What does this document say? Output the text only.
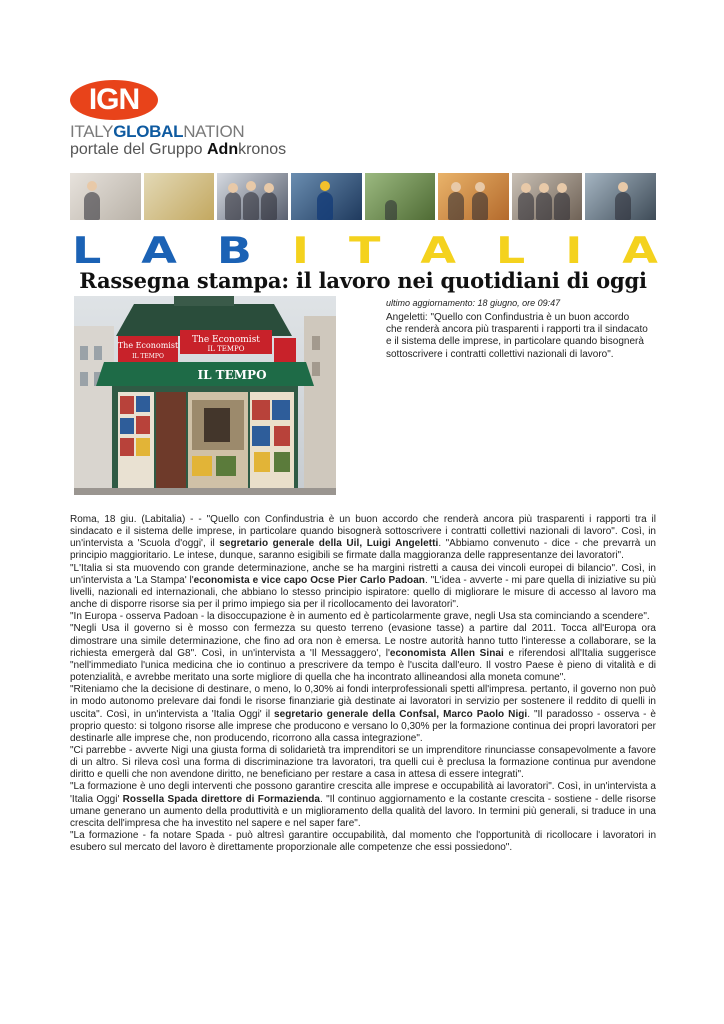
IGN
ITALYGLOBALNATION
portale del Gruppo Adnkronos
L A B I T A L I A
Rassegna stampa: il lavoro nei quotidiani di oggi
The Economist
IL TEMPO
The Economist
IL TEMPO
IL TEMPO
ultimo aggiornamento: 18 giugno, ore 09:47
Angeletti: "Quello con Confindustria è un buon accordo che renderà ancora più trasparenti i rapporti tra il sindacato e il sistema delle imprese, in particolare quando bisognerà sottoscrivere i contratti collettivi nazionali di lavoro".

Roma, 18 giu. (Labitalia) - - "Quello con Confindustria è un buon accordo che renderà ancora più trasparenti i rapporti tra il sindacato e il sistema delle imprese, in particolare quando bisognerà sottoscrivere i contratti collettivi nazionali di lavoro". Così, in un'intervista a 'Scuola d'oggi', il segretario generale della Uil, Luigi Angeletti. "Abbiamo convenuto - dice - che prevarrà un principio maggioritario. Le intese, dunque, saranno esigibili se firmate dalla maggioranza delle rappresentanze dei lavoratori".

"L'Italia si sta muovendo con grande determinazione, anche se ha margini ristretti a causa dei vincoli europei di bilancio". Così, in un'intervista a 'La Stampa' l'economista e vice capo Ocse Pier Carlo Padoan. "L'idea - avverte - mi pare quella di iniziative su più livelli, nazionali ed internazionali, che abbiano lo stesso principio ispiratore: quello di migliorare le misure di accesso al lavoro ma anche di disporre risorse sia per il primo impiego sia per il ricollocamento dei lavoratori".

"In Europa - osserva Padoan - la disoccupazione è in aumento ed è particolarmente grave, negli Usa sta cominciando a scendere".

"Negli Usa il governo si è mosso con fermezza su questo terreno (evasione tasse) a partire dal 2011. Tocca all'Europa ora dimostrare una simile determinazione, che fino ad ora non è emersa. Le nostre autorità hanno tutto l'interesse a collaborare, se la richiesta emergerà dal G8". Così, in un'intervista a 'Il Messaggero', l'economista Allen Sinai e riferendosi all'Italia suggerisce "nell'immediato l'unica medicina che io continuo a prescrivere da tempo è l'uscita dall'euro. Il vostro Paese è pieno di vitalità e di potenzialità, e avrebbe meritato una sorte migliore di quella che ha incontrato allineandosi alla moneta comune".

"Riteniamo che la decisione di destinare, o meno, lo 0,30% ai fondi interprofessionali spetti all'impresa. pertanto, il governo non può in modo autonomo prelevare dai fondi le risorse finanziarie già destinate ai lavoratori in servizio per sostenere il reddito di quelli in uscita". Così, in un'intervista a 'Italia Oggi' il segretario generale della Confsal, Marco Paolo Nigi. "Il paradosso - osserva - è proprio questo: si tolgono risorse alle imprese che producono e versano lo 0,30% per la formazione continua dei propri lavoratori per destinarle alle imprese che, non producendo, ricorrono alla cassa integrazione".

"Ci parrebbe - avverte Nigi una giusta forma di solidarietà tra imprenditori se un imprenditore rinunciasse consapevolmente a favore di un altro. Si rileva così una forma di discriminazione tra lavoratori, tra quelli cui è preclusa la formazione continua pur avendone diritto e quelli che non avendone diritto, ne beneficiano per restare a casa in attesa di essere integrati".

"La formazione è uno degli interventi che possono garantire crescita alle imprese e occupabilità ai lavoratori". Così, in un'intervista a 'Italia Oggi' Rossella Spada direttore di Formazienda. "Il continuo aggiornamento e la costante crescita - sostiene - delle risorse umane generano un aumento della produttività e un miglioramento della qualità del lavoro. In termini più generali, si traduce in una crescita dell'impresa che ha investito nel sapere e nel saper fare".

"La formazione - fa notare Spada - può altresì garantire occupabilità, dal momento che l'opportunità di ricollocare i lavoratori in esubero sul mercato del lavoro è direttamente proporzionale alle competenze che essi possiedono".
